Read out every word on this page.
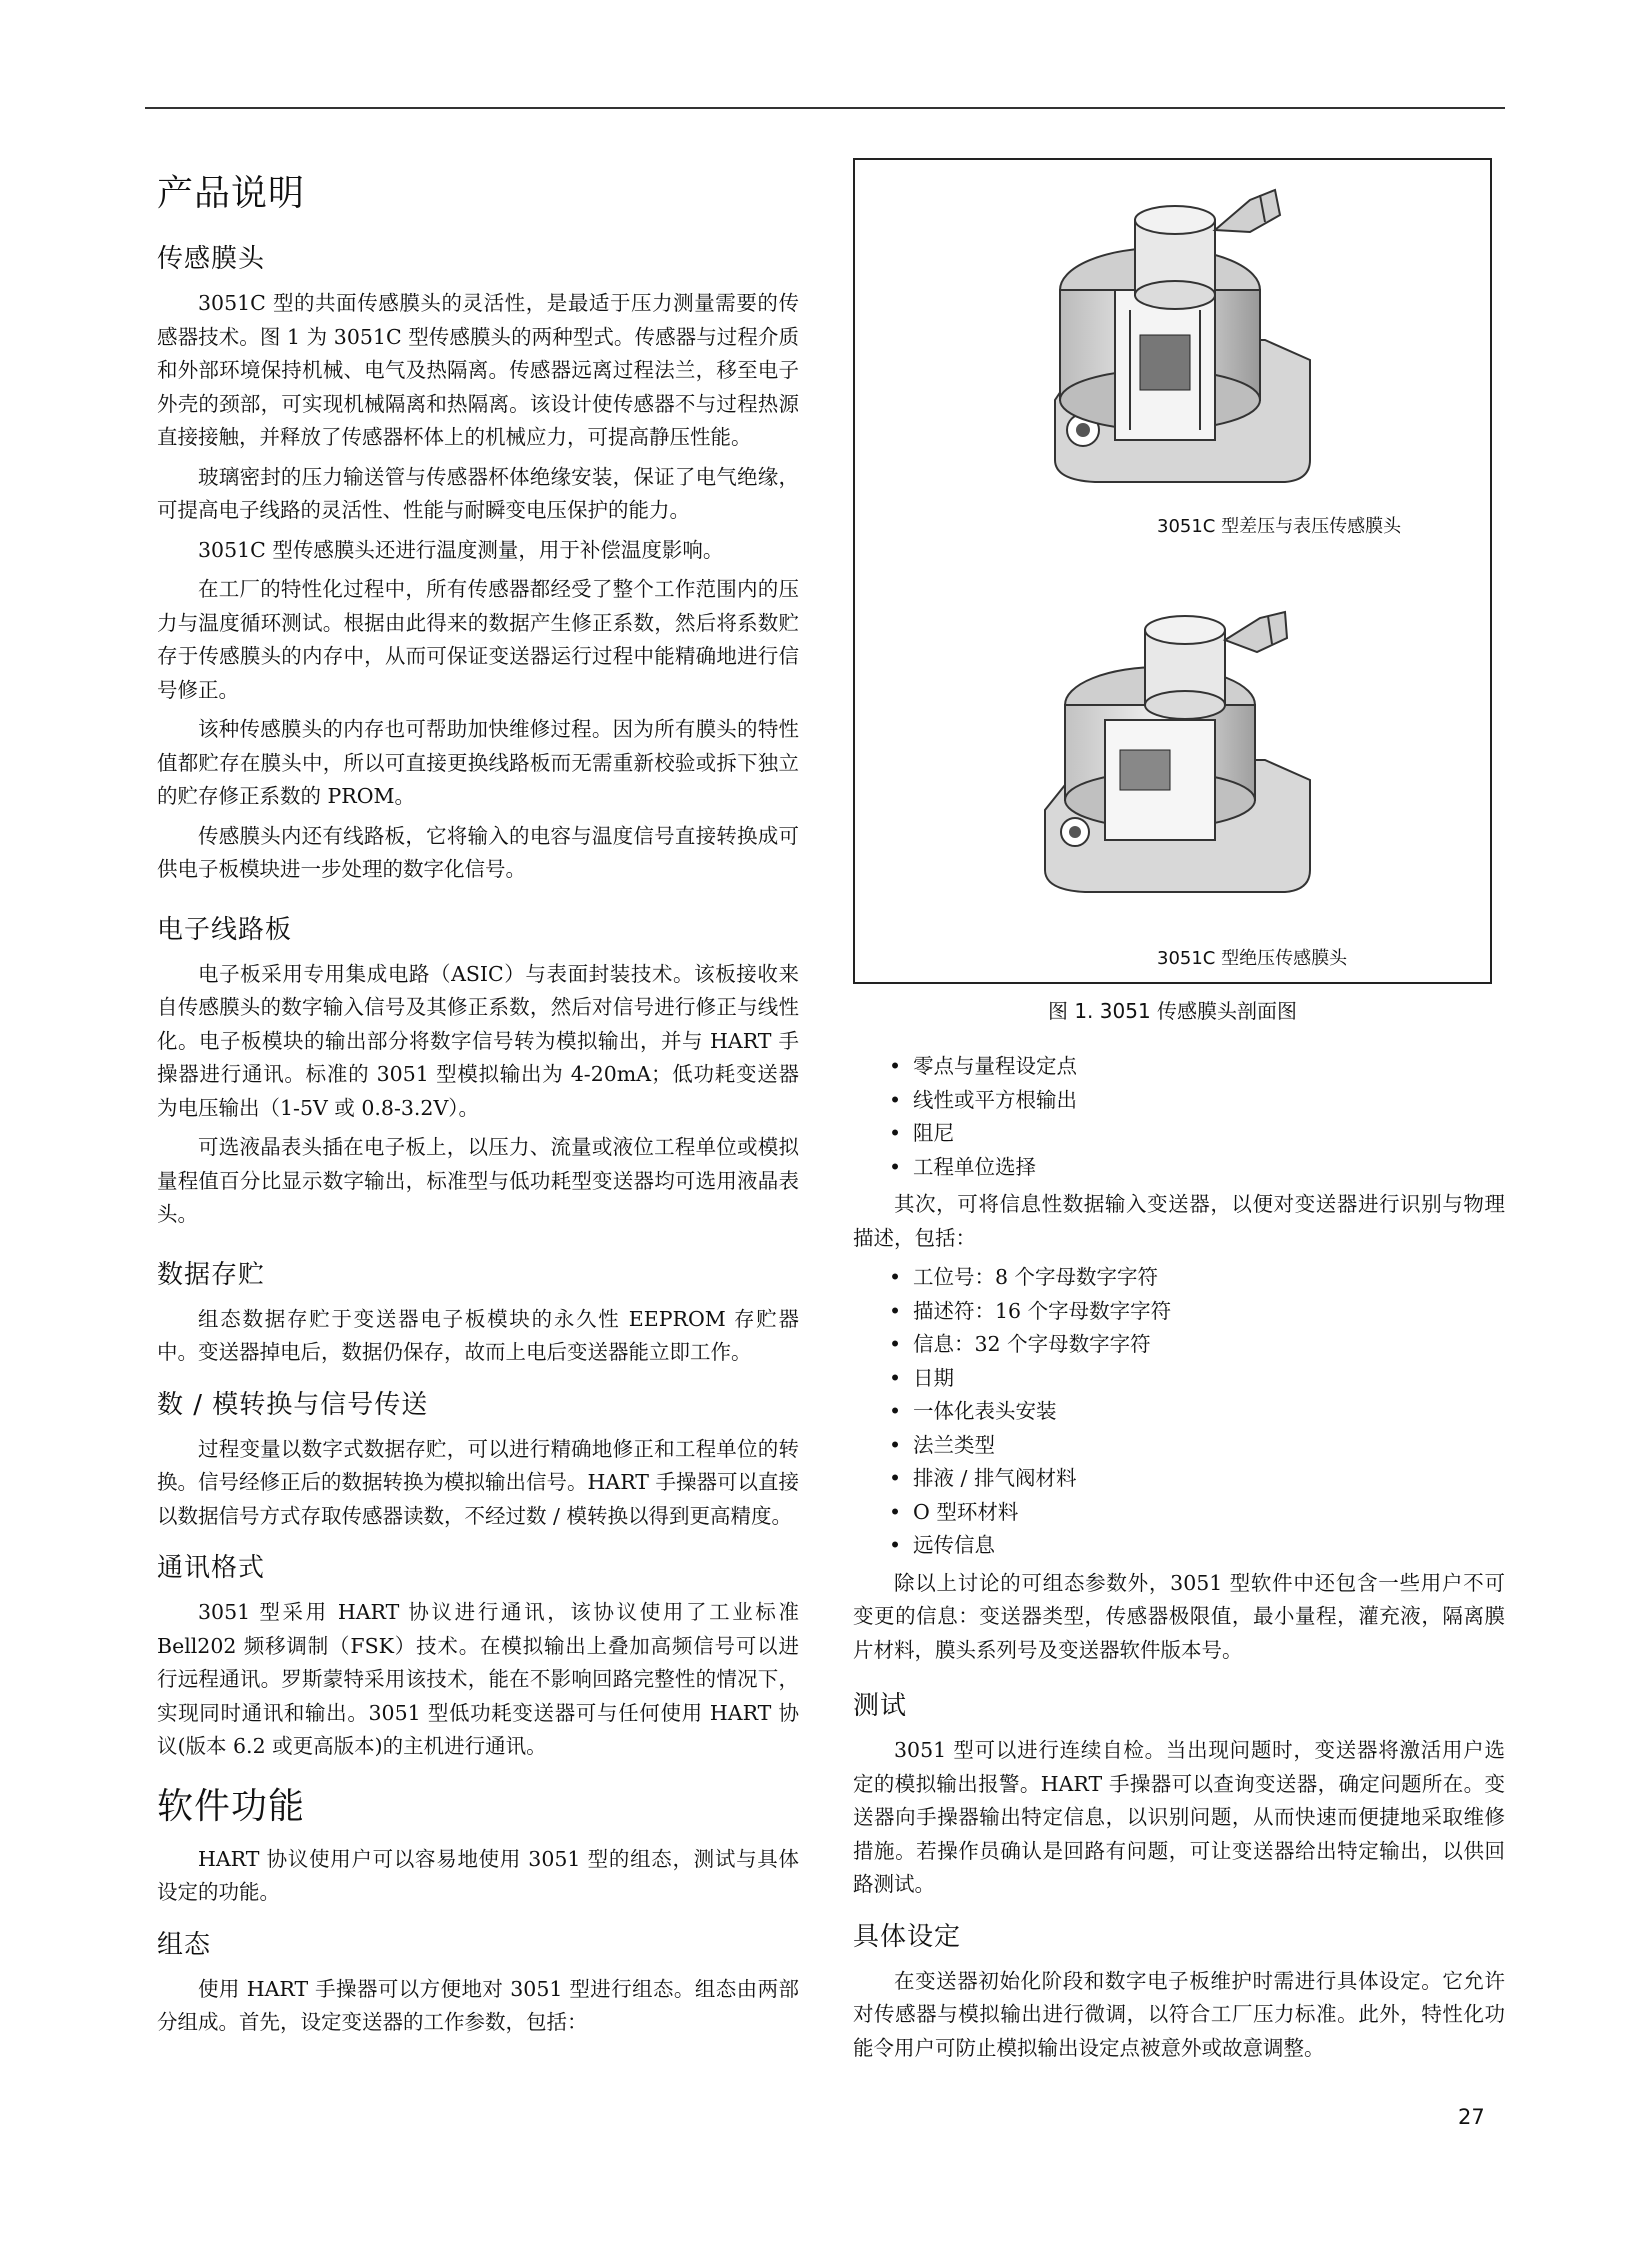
产品说明
传感膜头

3051C 型的共面传感膜头的灵活性，是最适于压力测量需要的传感器技术。图 1 为 3051C 型传感膜头的两种型式。传感器与过程介质和外部环境保持机械、电气及热隔离。传感器远离过程法兰，移至电子外壳的颈部，可实现机械隔离和热隔离。该设计使传感器不与过程热源直接接触，并释放了传感器杯体上的机械应力，可提高静压性能。

玻璃密封的压力输送管与传感器杯体绝缘安装，保证了电气绝缘，可提高电子线路的灵活性、性能与耐瞬变电压保护的能力。

3051C 型传感膜头还进行温度测量，用于补偿温度影响。

在工厂的特性化过程中，所有传感器都经受了整个工作范围内的压力与温度循环测试。根据由此得来的数据产生修正系数，然后将系数贮存于传感膜头的内存中，从而可保证变送器运行过程中能精确地进行信号修正。

该种传感膜头的内存也可帮助加快维修过程。因为所有膜头的特性值都贮存在膜头中，所以可直接更换线路板而无需重新校验或拆下独立的贮存修正系数的 PROM。

传感膜头内还有线路板，它将输入的电容与温度信号直接转换成可供电子板模块进一步处理的数字化信号。

电子线路板

电子板采用专用集成电路（ASIC）与表面封装技术。该板接收来自传感膜头的数字输入信号及其修正系数，然后对信号进行修正与线性化。电子板模块的输出部分将数字信号转为模拟输出，并与 HART 手操器进行通讯。标准的 3051 型模拟输出为 4-20mA；低功耗变送器为电压输出（1-5V 或 0.8-3.2V）。

可选液晶表头插在电子板上，以压力、流量或液位工程单位或模拟量程值百分比显示数字输出，标准型与低功耗型变送器均可选用液晶表头。

数据存贮

组态数据存贮于变送器电子板模块的永久性 EEPROM 存贮器中。变送器掉电后，数据仍保存，故而上电后变送器能立即工作。

数 / 模转换与信号传送

过程变量以数字式数据存贮，可以进行精确地修正和工程单位的转换。信号经修正后的数据转换为模拟输出信号。HART 手操器可以直接以数据信号方式存取传感器读数，不经过数 / 模转换以得到更高精度。

通讯格式

3051 型采用 HART 协议进行通讯，该协议使用了工业标准 Bell202 频移调制（FSK）技术。在模拟输出上叠加高频信号可以进行远程通讯。罗斯蒙特采用该技术，能在不影响回路完整性的情况下，实现同时通讯和输出。3051 型低功耗变送器可与任何使用 HART 协议(版本 6.2 或更高版本)的主机进行通讯。

软件功能

HART 协议使用户可以容易地使用 3051 型的组态，测试与具体设定的功能。

组态

使用 HART 手操器可以方便地对 3051 型进行组态。组态由两部分组成。首先，设定变送器的工作参数，包括：

3051C 型差压与表压传感膜头
3051C 型绝压传感膜头
图 1. 3051 传感膜头剖面图
• 零点与量程设定点
• 线性或平方根输出
• 阻尼
• 工程单位选择

其次，可将信息性数据输入变送器，以便对变送器进行识别与物理描述，包括：

• 工位号：8 个字母数字字符
• 描述符：16 个字母数字字符
• 信息：32 个字母数字字符
• 日期
• 一体化表头安装
• 法兰类型
• 排液 / 排气阀材料
• O 型环材料
• 远传信息

除以上讨论的可组态参数外，3051 型软件中还包含一些用户不可变更的信息：变送器类型，传感器极限值，最小量程，灌充液，隔离膜片材料，膜头系列号及变送器软件版本号。

测试

3051 型可以进行连续自检。当出现问题时，变送器将激活用户选定的模拟输出报警。HART 手操器可以查询变送器，确定问题所在。变送器向手操器输出特定信息，以识别问题，从而快速而便捷地采取维修措施。若操作员确认是回路有问题，可让变送器给出特定输出，以供回路测试。

具体设定

在变送器初始化阶段和数字电子板维护时需进行具体设定。它允许对传感器与模拟输出进行微调，以符合工厂压力标准。此外，特性化功能令用户可防止模拟输出设定点被意外或故意调整。

27
